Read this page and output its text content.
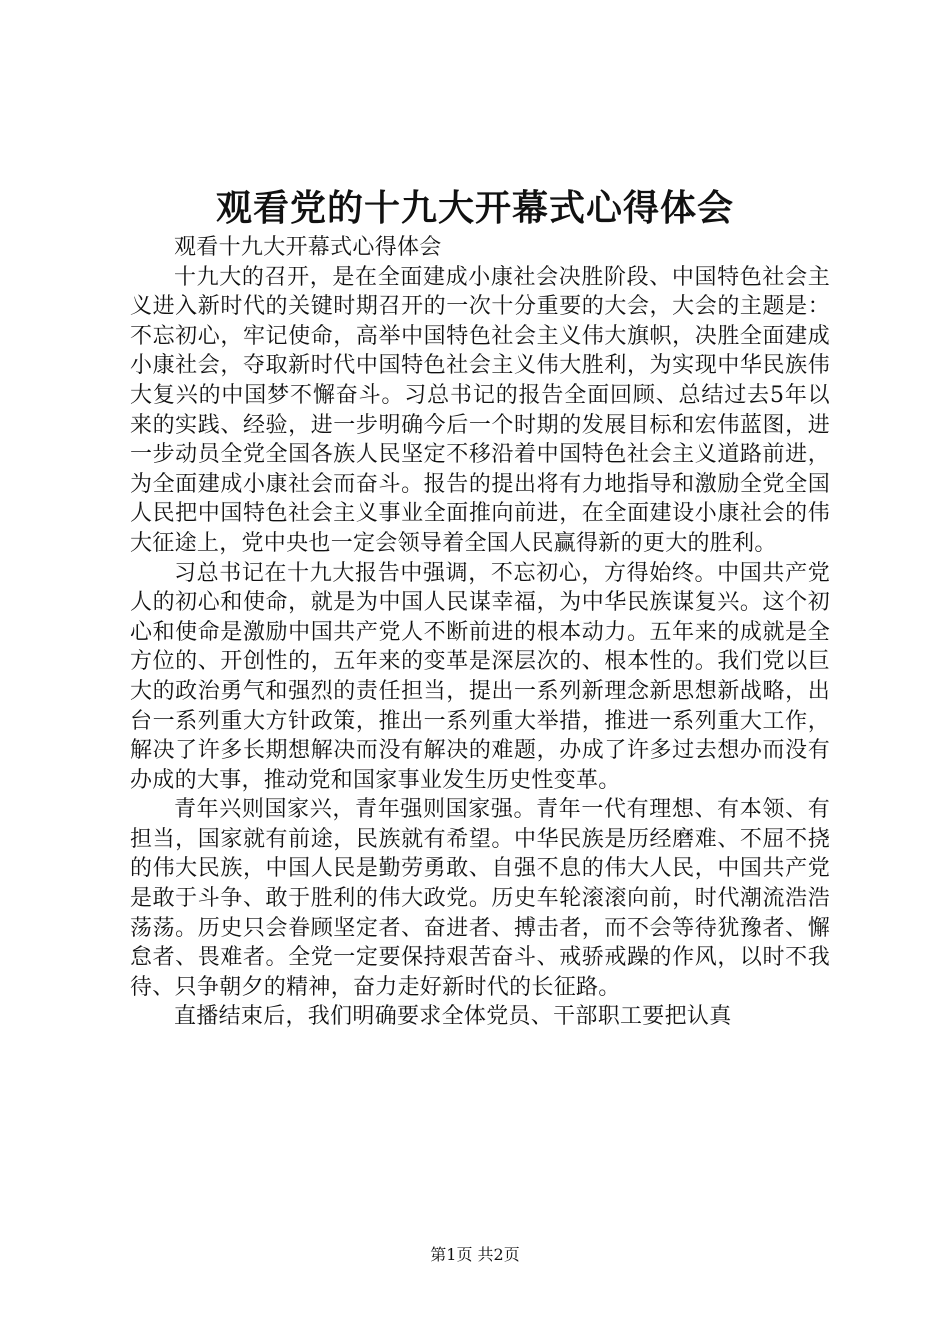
观看党的十九大开幕式心得体会

观看十九大开幕式心得体会

十九大的召开，是在全面建成小康社会决胜阶段、中国特色社会主义进入新时代的关键时期召开的一次十分重要的大会，大会的主题是：不忘初心，牢记使命，高举中国特色社会主义伟大旗帜，决胜全面建成小康社会，夺取新时代中国特色社会主义伟大胜利，为实现中华民族伟大复兴的中国梦不懈奋斗。习总书记的报告全面回顾、总结过去5年以来的实践、经验，进一步明确今后一个时期的发展目标和宏伟蓝图，进一步动员全党全国各族人民坚定不移沿着中国特色社会主义道路前进，为全面建成小康社会而奋斗。报告的提出将有力地指导和激励全党全国人民把中国特色社会主义事业全面推向前进，在全面建设小康社会的伟大征途上，党中央也一定会领导着全国人民赢得新的更大的胜利。

习总书记在十九大报告中强调，不忘初心，方得始终。中国共产党人的初心和使命，就是为中国人民谋幸福，为中华民族谋复兴。这个初心和使命是激励中国共产党人不断前进的根本动力。五年来的成就是全方位的、开创性的，五年来的变革是深层次的、根本性的。我们党以巨大的政治勇气和强烈的责任担当，提出一系列新理念新思想新战略，出台一系列重大方针政策，推出一系列重大举措，推进一系列重大工作，解决了许多长期想解决而没有解决的难题，办成了许多过去想办而没有办成的大事，推动党和国家事业发生历史性变革。

青年兴则国家兴，青年强则国家强。青年一代有理想、有本领、有担当，国家就有前途，民族就有希望。中华民族是历经磨难、不屈不挠的伟大民族，中国人民是勤劳勇敢、自强不息的伟大人民，中国共产党是敢于斗争、敢于胜利的伟大政党。历史车轮滚滚向前，时代潮流浩浩荡荡。历史只会眷顾坚定者、奋进者、搏击者，而不会等待犹豫者、懈怠者、畏难者。全党一定要保持艰苦奋斗、戒骄戒躁的作风，以时不我待、只争朝夕的精神，奋力走好新时代的长征路。

直播结束后，我们明确要求全体党员、干部职工要把认真

第1页 共2页
